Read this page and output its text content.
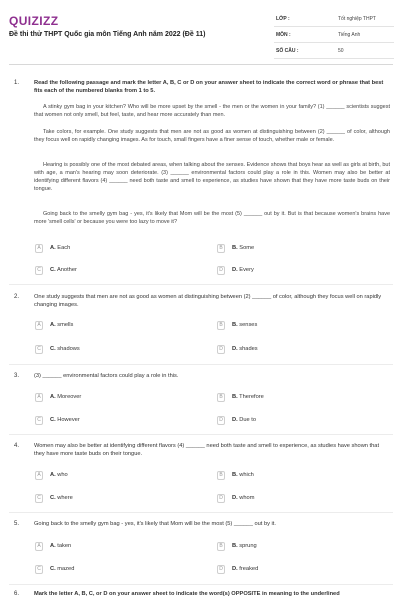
QUIZIZZ
Đề thi thử THPT Quốc gia môn Tiếng Anh năm 2022 (Đề 11)
LỚP :	Tốt nghiệp THPT
MÔN :	Tiếng Anh
SỐ CÂU :	50
1.	Read the following passage and mark the letter A, B, C or D on your answer sheet to indicate the correct word or phrase that best fits each of the numbered blanks from 1 to 5.
A stinky gym bag in your kitchen? Who will be more upset by the smell - the men or the women in your family? (1) ______ scientists suggest that women not only smell, but feel, taste, and hear more accurately than men.
Take colors, for example. One study suggests that men are not as good as women at distinguishing between (2) ______ of color, although they focus well on rapidly changing images. As for touch, small fingers have a finer sense of touch, whether male or female.
Hearing is possibly one of the most debated areas, when talking about the senses. Evidence shows that boys hear as well as girls at birth, but with age, a man's hearing may soon deteriorate. (3) ______ environmental factors could play a role in this. Women may also be better at identifying different flavors (4) ______ need both taste and smell to experience, as studies have shown that they have more taste buds on their tongue.
Going back to the smelly gym bag - yes, it's likely that Mom will be the most (5) ______ out by it. But is that because women's brains have more 'smell cells' or because you were too lazy to move it?
A	A. Each	B	B. Some
C	C. Another	D	D. Every
2.	One study suggests that men are not as good as women at distinguishing between (2) ______ of color, although they focus well on rapidly changing images.
A	A. smells	B	B. senses
C	C. shadows	D	D. shades
3.	(3) ______ environmental factors could play a role in this.
A	A. Moreover	B	B. Therefore
C	C. However	D	D. Due to
4.	Women may also be better at identifying different flavors (4) ______ need both taste and smell to experience, as studies have shown that they have more taste buds on their tongue.
A	A. who	B	B. which
C	C. where	D	D. whom
5.	Going back to the smelly gym bag - yes, it's likely that Mom will be the most (5) ______ out by it.
A	A. taken	B	B. sprung
C	C. mazed	D	D. freaked
6.	Mark the letter A, B, C, or D on your answer sheet to indicate the word(s) OPPOSITE in meaning to the underlined
